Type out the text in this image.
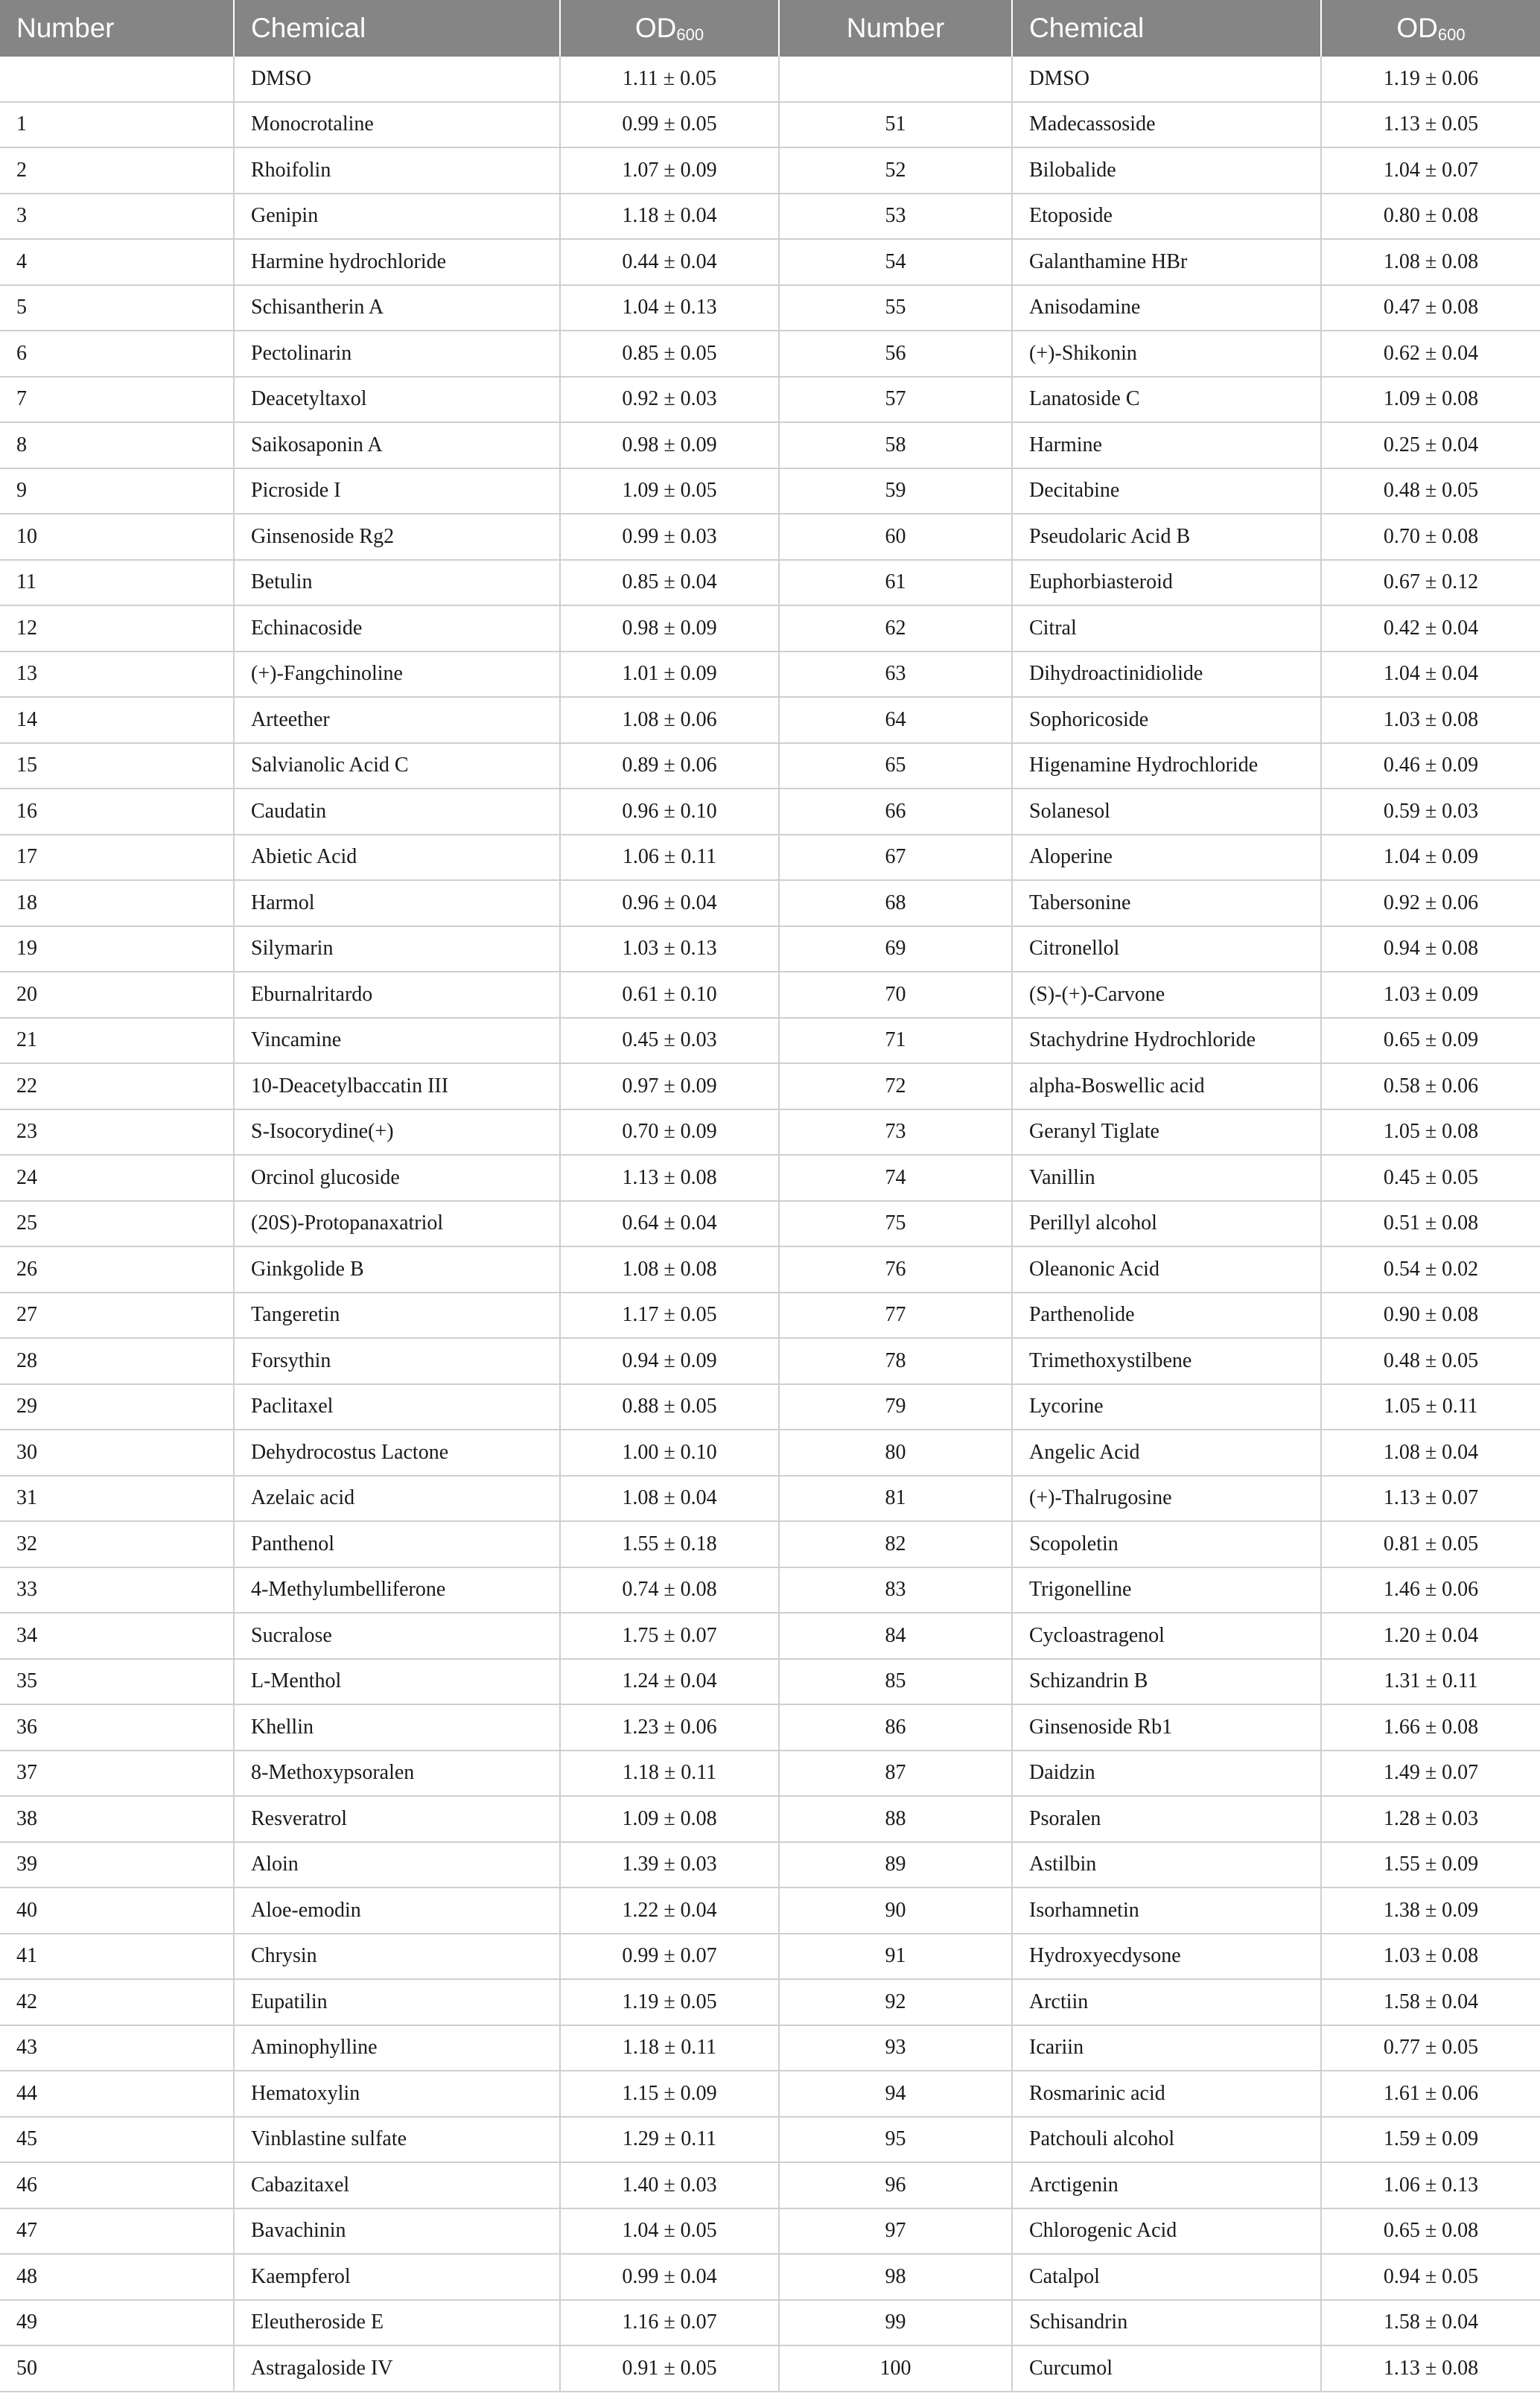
Number	Chemical	$OD_{600}$	Number	Chemical	$OD_{600}$
	DMSO	1.11 ± 0.05		DMSO	1.19 ± 0.06
1	Monocrotaline	0.99 ± 0.05	51	Madecassoside	1.13 ± 0.05
2	Rhoifolin	1.07 ± 0.09	52	Bilobalide	1.04 ± 0.07
3	Genipin	1.18 ± 0.04	53	Etoposide	0.80 ± 0.08
4	Harmine hydrochloride	0.44 ± 0.04	54	Galanthamine HBr	1.08 ± 0.08
5	Schisantherin A	1.04 ± 0.13	55	Anisodamine	0.47 ± 0.08
6	Pectolinarin	0.85 ± 0.05	56	(+)-Shikonin	0.62 ± 0.04
7	Deacetyltaxol	0.92 ± 0.03	57	Lanatoside C	1.09 ± 0.08
8	Saikosaponin A	0.98 ± 0.09	58	Harmine	0.25 ± 0.04
9	Picroside I	1.09 ± 0.05	59	Decitabine	0.48 ± 0.05
10	Ginsenoside Rg2	0.99 ± 0.03	60	Pseudolaric Acid B	0.70 ± 0.08
11	Betulin	0.85 ± 0.04	61	Euphorbiasteroid	0.67 ± 0.12
12	Echinacoside	0.98 ± 0.09	62	Citral	0.42 ± 0.04
13	(+)-Fangchinoline	1.01 ± 0.09	63	Dihydroactinidiolide	1.04 ± 0.04
14	Arteether	1.08 ± 0.06	64	Sophoricoside	1.03 ± 0.08
15	Salvianolic Acid C	0.89 ± 0.06	65	Higenamine Hydrochloride	0.46 ± 0.09
16	Caudatin	0.96 ± 0.10	66	Solanesol	0.59 ± 0.03
17	Abietic Acid	1.06 ± 0.11	67	Aloperine	1.04 ± 0.09
18	Harmol	0.96 ± 0.04	68	Tabersonine	0.92 ± 0.06
19	Silymarin	1.03 ± 0.13	69	Citronellol	0.94 ± 0.08
20	Eburnalritardo	0.61 ± 0.10	70	(S)-(+)-Carvone	1.03 ± 0.09
21	Vincamine	0.45 ± 0.03	71	Stachydrine Hydrochloride	0.65 ± 0.09
22	10-Deacetylbaccatin III	0.97 ± 0.09	72	alpha-Boswellic acid	0.58 ± 0.06
23	S-Isocorydine(+)	0.70 ± 0.09	73	Geranyl Tiglate	1.05 ± 0.08
24	Orcinol glucoside	1.13 ± 0.08	74	Vanillin	0.45 ± 0.05
25	(20S)-Protopanaxatriol	0.64 ± 0.04	75	Perillyl alcohol	0.51 ± 0.08
26	Ginkgolide B	1.08 ± 0.08	76	Oleanonic Acid	0.54 ± 0.02
27	Tangeretin	1.17 ± 0.05	77	Parthenolide	0.90 ± 0.08
28	Forsythin	0.94 ± 0.09	78	Trimethoxystilbene	0.48 ± 0.05
29	Paclitaxel	0.88 ± 0.05	79	Lycorine	1.05 ± 0.11
30	Dehydrocostus Lactone	1.00 ± 0.10	80	Angelic Acid	1.08 ± 0.04
31	Azelaic acid	1.08 ± 0.04	81	(+)-Thalrugosine	1.13 ± 0.07
32	Panthenol	1.55 ± 0.18	82	Scopoletin	0.81 ± 0.05
33	4-Methylumbelliferone	0.74 ± 0.08	83	Trigonelline	1.46 ± 0.06
34	Sucralose	1.75 ± 0.07	84	Cycloastragenol	1.20 ± 0.04
35	L-Menthol	1.24 ± 0.04	85	Schizandrin B	1.31 ± 0.11
36	Khellin	1.23 ± 0.06	86	Ginsenoside Rb1	1.66 ± 0.08
37	8-Methoxypsoralen	1.18 ± 0.11	87	Daidzin	1.49 ± 0.07
38	Resveratrol	1.09 ± 0.08	88	Psoralen	1.28 ± 0.03
39	Aloin	1.39 ± 0.03	89	Astilbin	1.55 ± 0.09
40	Aloe-emodin	1.22 ± 0.04	90	Isorhamnetin	1.38 ± 0.09
41	Chrysin	0.99 ± 0.07	91	Hydroxyecdysone	1.03 ± 0.08
42	Eupatilin	1.19 ± 0.05	92	Arctiin	1.58 ± 0.04
43	Aminophylline	1.18 ± 0.11	93	Icariin	0.77 ± 0.05
44	Hematoxylin	1.15 ± 0.09	94	Rosmarinic acid	1.61 ± 0.06
45	Vinblastine sulfate	1.29 ± 0.11	95	Patchouli alcohol	1.59 ± 0.09
46	Cabazitaxel	1.40 ± 0.03	96	Arctigenin	1.06 ± 0.13
47	Bavachinin	1.04 ± 0.05	97	Chlorogenic Acid	0.65 ± 0.08
48	Kaempferol	0.99 ± 0.04	98	Catalpol	0.94 ± 0.05
49	Eleutheroside E	1.16 ± 0.07	99	Schisandrin	1.58 ± 0.04
50	Astragaloside IV	0.91 ± 0.05	100	Curcumol	1.13 ± 0.08
